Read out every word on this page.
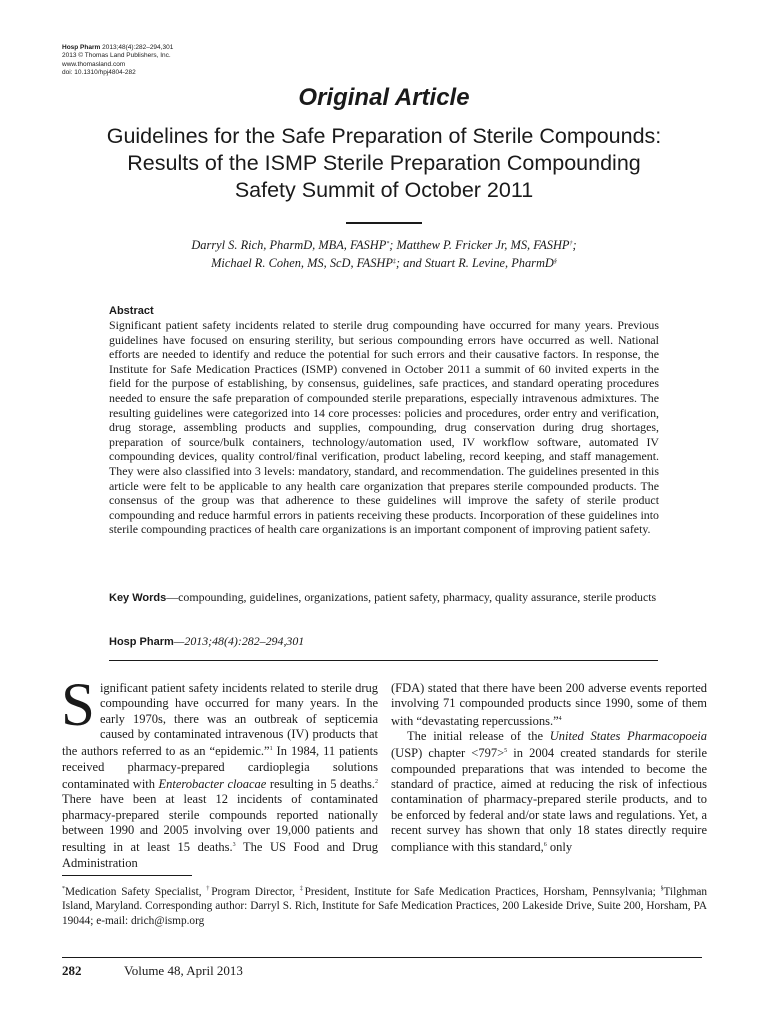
Hosp Pharm 2013;48(4):282–294,301
2013 © Thomas Land Publishers, Inc.
www.thomasland.com
doi: 10.1310/hpj4804-282
Original Article
Guidelines for the Safe Preparation of Sterile Compounds:
Results of the ISMP Sterile Preparation Compounding
Safety Summit of October 2011
Darryl S. Rich, PharmD, MBA, FASHP*; Matthew P. Fricker Jr, MS, FASHP†;
Michael R. Cohen, MS, ScD, FASHP‡; and Stuart R. Levine, PharmD§
Abstract
Significant patient safety incidents related to sterile drug compounding have occurred for many years. Previous guidelines have focused on ensuring sterility, but serious compounding errors have occurred as well. National efforts are needed to identify and reduce the potential for such errors and their causative factors. In response, the Institute for Safe Medication Practices (ISMP) convened in October 2011 a summit of 60 invited experts in the field for the purpose of establishing, by consensus, guidelines, safe practices, and standard operating procedures needed to ensure the safe preparation of compounded sterile preparations, especially intravenous admixtures. The resulting guidelines were categorized into 14 core processes: policies and procedures, order entry and verification, drug storage, assembling products and supplies, compounding, drug conservation during drug shortages, preparation of source/bulk containers, technology/automation used, IV workflow software, automated IV compounding devices, quality control/final verification, product labeling, record keeping, and staff management. They were also classified into 3 levels: mandatory, standard, and recommendation. The guidelines presented in this article were felt to be applicable to any health care organization that prepares sterile compounded products. The consensus of the group was that adherence to these guidelines will improve the safety of sterile product compounding and reduce harmful errors in patients receiving these products. Incorporation of these guidelines into sterile compounding practices of health care organizations is an important component of improving patient safety.
Key Words—compounding, guidelines, organizations, patient safety, pharmacy, quality assurance, sterile products
Hosp Pharm—2013;48(4):282–294,301

Significant patient safety incidents related to sterile drug compounding have occurred for many years. In the early 1970s, there was an outbreak of septicemia caused by contaminated intravenous (IV) products that the authors referred to as an “epidemic.”$^1$ In 1984, 11 patients received pharmacy-prepared cardioplegia solutions contaminated with Enterobacter cloacae resulting in 5 deaths.$^2$ There have been at least 12 incidents of contaminated pharmacy-prepared sterile compounds reported nationally between 1990 and 2005 involving over 19,000 patients and resulting in at least 15 deaths.$^3$ The US Food and Drug Administration

(FDA) stated that there have been 200 adverse events reported involving 71 compounded products since 1990, some of them with “devastating repercussions.”$^4$

The initial release of the United States Pharmacopoeia (USP) chapter <797>$^5$ in 2004 created standards for sterile compounded preparations that was intended to become the standard of practice, aimed at reducing the risk of infectious contamination of pharmacy-prepared sterile products, and to be enforced by federal and/or state laws and regulations. Yet, a recent survey has shown that only 18 states directly require compliance with this standard,$^6$ only

*Medication Safety Specialist, †Program Director, ‡President, Institute for Safe Medication Practices, Horsham, Pennsylvania; §Tilghman Island, Maryland. Corresponding author: Darryl S. Rich, Institute for Safe Medication Practices, 200 Lakeside Drive, Suite 200, Horsham, PA 19044; e-mail: drich@ismp.org
282	Volume 48, April 2013
